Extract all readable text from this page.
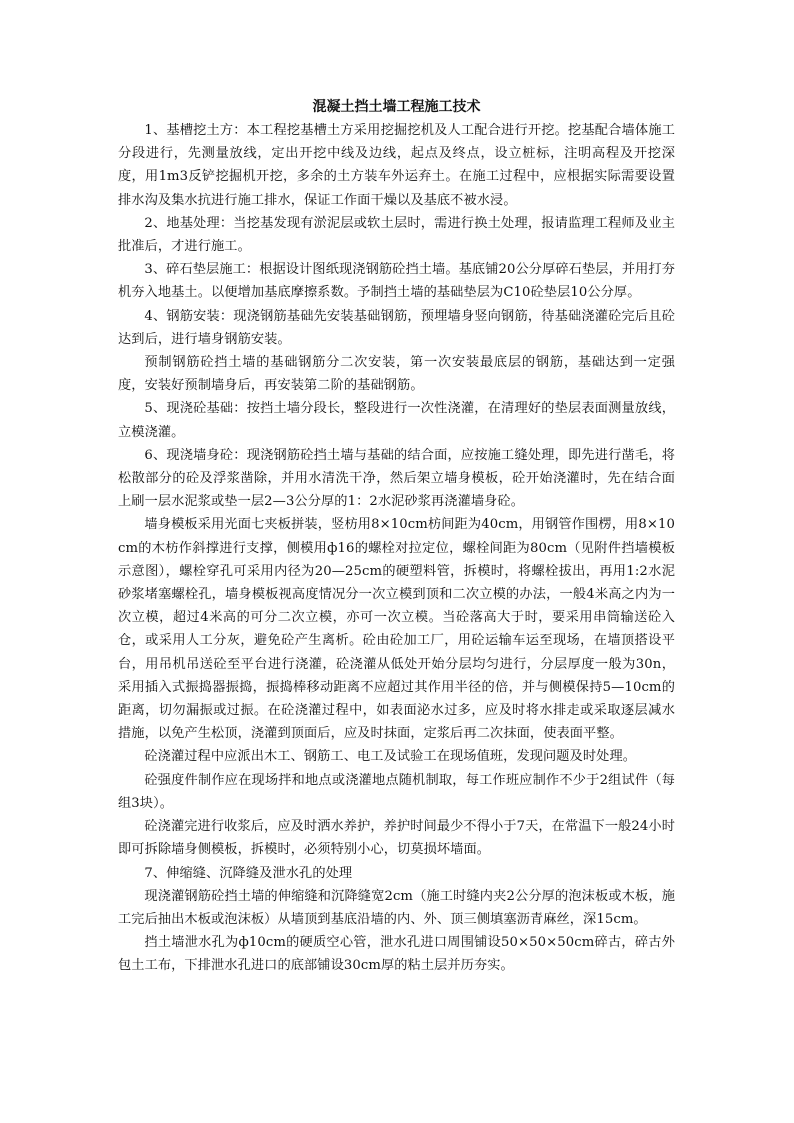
混凝土挡土墙工程施工技术

1、基槽挖土方：本工程挖基槽土方采用挖掘挖机及人工配合进行开挖。挖基配合墙体施工分段进行，先测量放线，定出开挖中线及边线，起点及终点，设立桩标，注明高程及开挖深度，用1m3反铲挖掘机开挖，多余的土方装车外运弃土。在施工过程中，应根据实际需要设置排水沟及集水抗进行施工排水，保证工作面干燥以及基底不被水浸。

2、地基处理：当挖基发现有淤泥层或软土层时，需进行换土处理，报请监理工程师及业主批准后，才进行施工。

3、碎石垫层施工：根据设计图纸现浇钢筋砼挡土墙。基底铺20公分厚碎石垫层，并用打夯机夯入地基土。以便增加基底摩擦系数。予制挡土墙的基础垫层为C10砼垫层10公分厚。

4、钢筋安装：现浇钢筋基础先安装基础钢筋，预埋墙身竖向钢筋，待基础浇灌砼完后且砼达到后，进行墙身钢筋安装。

预制钢筋砼挡土墙的基础钢筋分二次安装，第一次安装最底层的钢筋，基础达到一定强度，安装好预制墙身后，再安装第二阶的基础钢筋。

5、现浇砼基础：按挡土墙分段长，整段进行一次性浇灌，在清理好的垫层表面测量放线，立模浇灌。

6、现浇墙身砼：现浇钢筋砼挡土墙与基础的结合面，应按施工缝处理，即先进行凿毛，将松散部分的砼及浮浆凿除，并用水清洗干净，然后架立墙身模板，砼开始浇灌时，先在结合面上刷一层水泥浆或垫一层2—3公分厚的1：2水泥砂浆再浇灌墙身砼。

墙身模板采用光面七夹板拼装，竖枋用8×10cm枋间距为40cm，用钢管作围楞，用8×10cm的木枋作斜撑进行支撑，侧模用ф16的螺栓对拉定位，螺栓间距为80cm（见附件挡墙模板示意图），螺栓穿孔可采用内径为20—25cm的硬塑料管，拆模时，将螺栓拔出，再用1:2水泥砂浆堵塞螺栓孔，墙身模板视高度情况分一次立模到顶和二次立模的办法，一般4米高之内为一次立模，超过4米高的可分二次立模，亦可一次立模。当砼落高大于时，要采用串筒输送砼入仓，或采用人工分灰，避免砼产生离析。砼由砼加工厂，用砼运输车运至现场，在墙顶搭设平台，用吊机吊送砼至平台进行浇灌，砼浇灌从低处开始分层均匀进行，分层厚度一般为30n，采用插入式振捣器振捣，振捣棒移动距离不应超过其作用半径的倍，并与侧模保持5—10cm的距离，切勿漏振或过振。在砼浇灌过程中，如表面泌水过多，应及时将水排走或采取逐层减水措施，以免产生松顶，浇灌到顶面后，应及时抹面，定浆后再二次抹面，使表面平整。

砼浇灌过程中应派出木工、钢筋工、电工及试验工在现场值班，发现问题及时处理。

砼强度件制作应在现场拌和地点或浇灌地点随机制取，每工作班应制作不少于2组试件（每组3块）。

砼浇灌完进行收浆后，应及时洒水养护，养护时间最少不得小于7天，在常温下一般24小时即可拆除墙身侧模板，拆模时，必须特别小心，切莫损坏墙面。

7、伸缩缝、沉降缝及泄水孔的处理

现浇灌钢筋砼挡土墙的伸缩缝和沉降缝宽2cm（施工时缝内夹2公分厚的泡沫板或木板，施工完后抽出木板或泡沫板）从墙顶到基底沿墙的内、外、顶三侧填塞沥青麻丝，深15cm。

挡土墙泄水孔为ф10cm的硬质空心管，泄水孔进口周围铺设50×50×50cm碎古，碎古外包土工布，下排泄水孔进口的底部铺设30cm厚的粘土层并历夯实。
